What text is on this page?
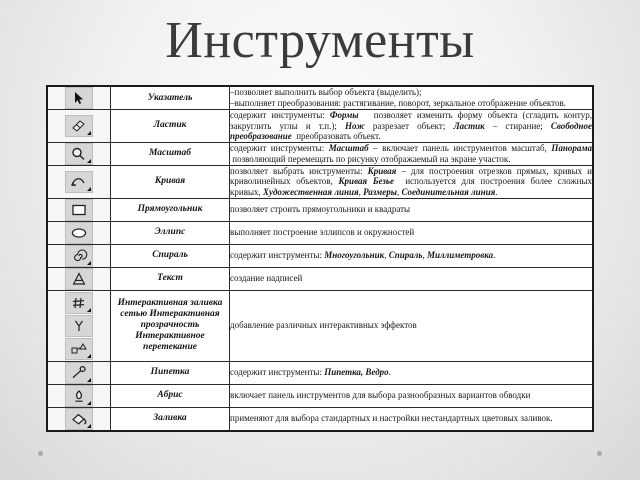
Инструменты
	Указатель	–позволяет выполнить выбор объекта (выделить);
–выполняет преобразования: растягивание, поворот, зеркальное отображение объектов.

	Ластик	содержит инструменты: Формы   позволяет изменить форму объекта (сгладить контур, закруглить углы и т.п.); Нож разрезает объект; Ластик – стирание; Свободное преобразование  преобразовать объект.

	Масштаб	содержит инструменты: Масштаб – включает панель инструментов масштаб, Панорама  позволяющий перемещать по рисунку отображаемый на экране участок.

	Кривая	позволяет выбрать инструменты: Кривая – для построения отрезков прямых, кривых и криволинейных объектов, Кривая Безье  используется для построения более сложных кривых, Художественная линия, Размеры, Соединительная линия.

	Прямоугольник	позволяет строить прямоугольники и квадраты

	Эллипс	выполняет построение эллипсов и окружностей

	Спираль	содержит инструменты: Многоугольник, Спираль, Миллиметровка.

	Текст	создание надписей

	Интерактивная заливка сетью Интерактивная прозрачность Интерактивное перетекание	добавление различных интерактивных эффектов

	Пипетка	содержит инструменты: Пипетка, Ведро.

	Абрис	включает панель инструментов для выбора разнообразных вариантов обводки

	Заливка	применяют для выбора стандартных и настройки нестандартных цветовых заливок.
